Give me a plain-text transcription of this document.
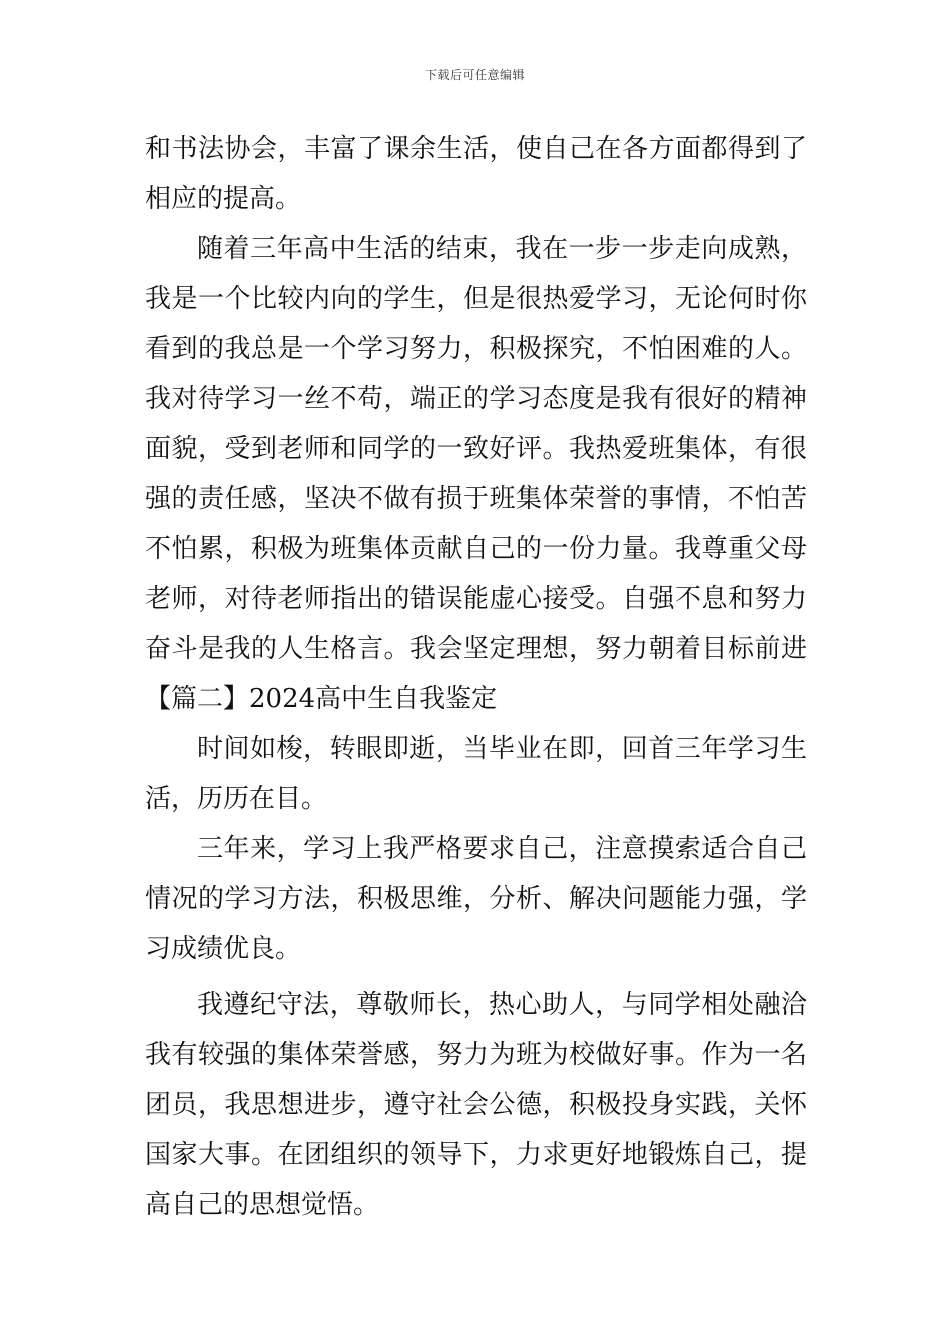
下载后可任意编辑
和书法协会，丰富了课余生活，使自己在各方面都得到了
相应的提高。
随着三年高中生活的结束，我在一步一步走向成熟，
我是一个比较内向的学生，但是很热爱学习，无论何时你
看到的我总是一个学习努力，积极探究，不怕困难的人。
我对待学习一丝不苟，端正的学习态度是我有很好的精神
面貌，受到老师和同学的一致好评。我热爱班集体，有很
强的责任感，坚决不做有损于班集体荣誉的事情，不怕苦
不怕累，积极为班集体贡献自己的一份力量。我尊重父母
老师，对待老师指出的错误能虚心接受。自强不息和努力
奋斗是我的人生格言。我会坚定理想，努力朝着目标前进
【篇二】2024高中生自我鉴定
时间如梭，转眼即逝，当毕业在即，回首三年学习生
活，历历在目。
三年来，学习上我严格要求自己，注意摸索适合自己
情况的学习方法，积极思维，分析、解决问题能力强，学
习成绩优良。
我遵纪守法，尊敬师长，热心助人，与同学相处融洽
我有较强的集体荣誉感，努力为班为校做好事。作为一名
团员，我思想进步，遵守社会公德，积极投身实践，关怀
国家大事。在团组织的领导下，力求更好地锻炼自己，提
高自己的思想觉悟。
